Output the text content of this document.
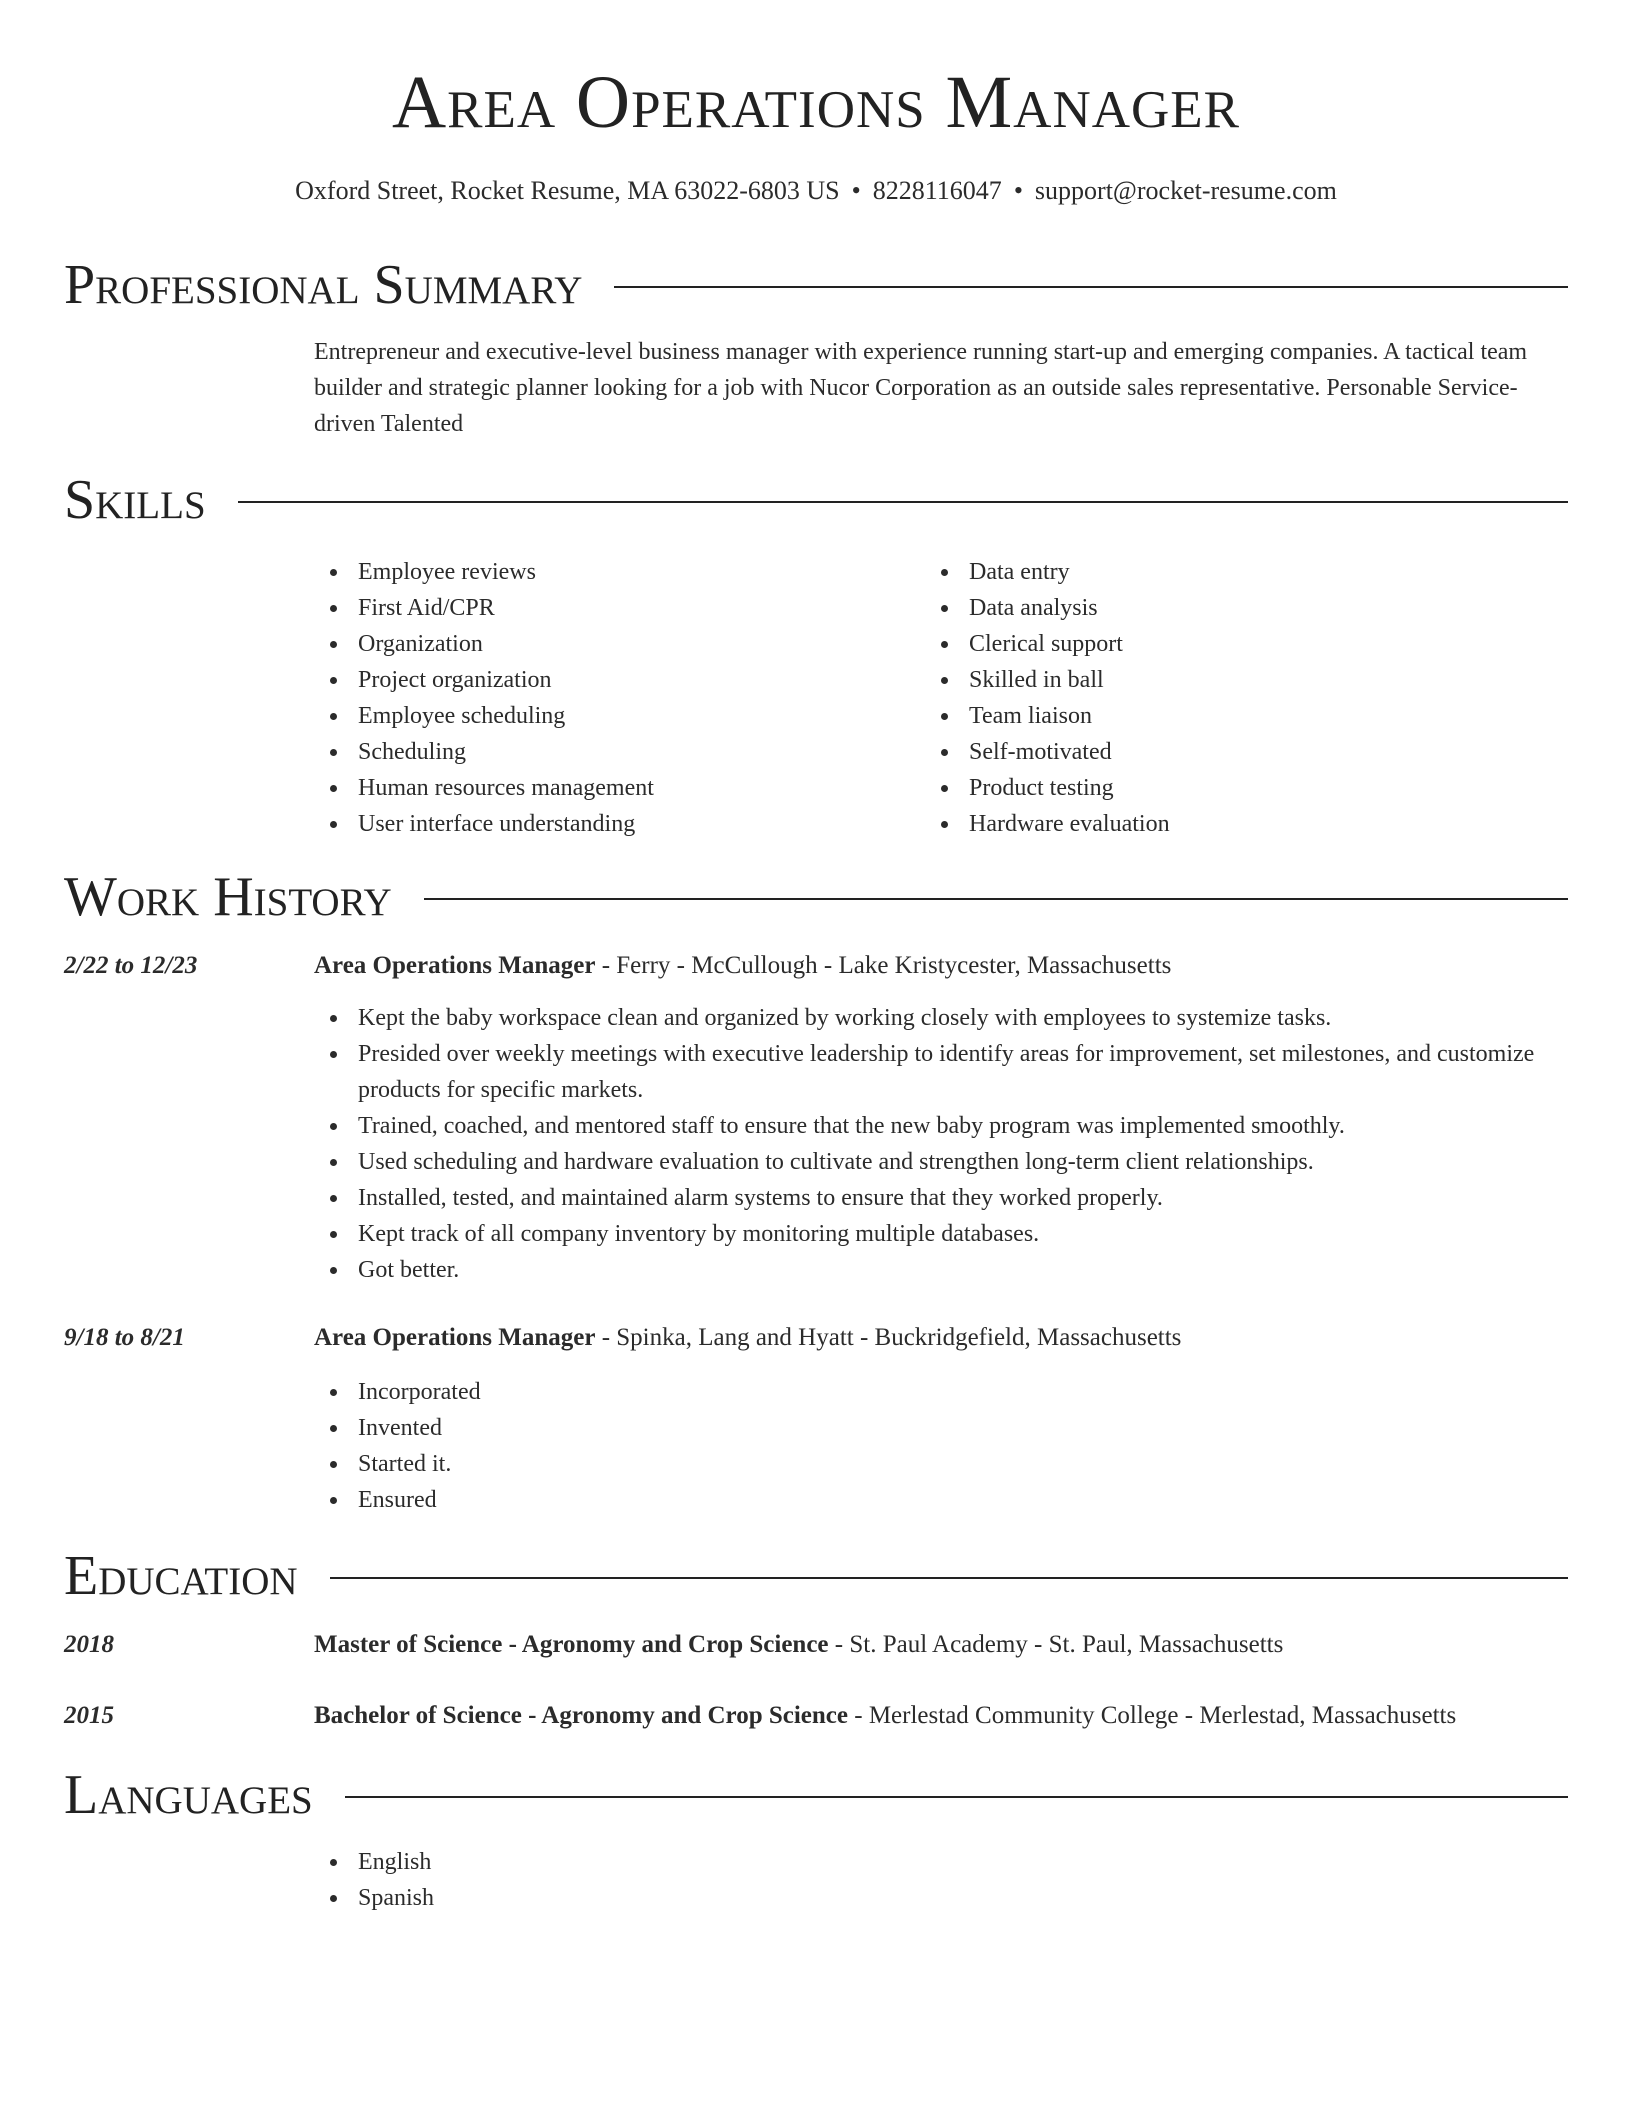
Area Operations Manager
Oxford Street, Rocket Resume, MA 63022-6803 US • 8228116047 • support@rocket-resume.com
Professional Summary
Entrepreneur and executive-level business manager with experience running start-up and emerging companies. A tactical team builder and strategic planner looking for a job with Nucor Corporation as an outside sales representative. Personable Service-driven Talented
Skills
Employee reviews
First Aid/CPR
Organization
Project organization
Employee scheduling
Scheduling
Human resources management
User interface understanding
Data entry
Data analysis
Clerical support
Skilled in ball
Team liaison
Self-motivated
Product testing
Hardware evaluation
Work History
2/22 to 12/23	Area Operations Manager - Ferry - McCullough - Lake Kristycester, Massachusetts
Kept the baby workspace clean and organized by working closely with employees to systemize tasks.
Presided over weekly meetings with executive leadership to identify areas for improvement, set milestones, and customize products for specific markets.
Trained, coached, and mentored staff to ensure that the new baby program was implemented smoothly.
Used scheduling and hardware evaluation to cultivate and strengthen long-term client relationships.
Installed, tested, and maintained alarm systems to ensure that they worked properly.
Kept track of all company inventory by monitoring multiple databases.
Got better.
9/18 to 8/21	Area Operations Manager - Spinka, Lang and Hyatt - Buckridgefield, Massachusetts
Incorporated
Invented
Started it.
Ensured
Education
2018	Master of Science - Agronomy and Crop Science - St. Paul Academy - St. Paul, Massachusetts
2015	Bachelor of Science - Agronomy and Crop Science - Merlestad Community College - Merlestad, Massachusetts
Languages
English
Spanish
